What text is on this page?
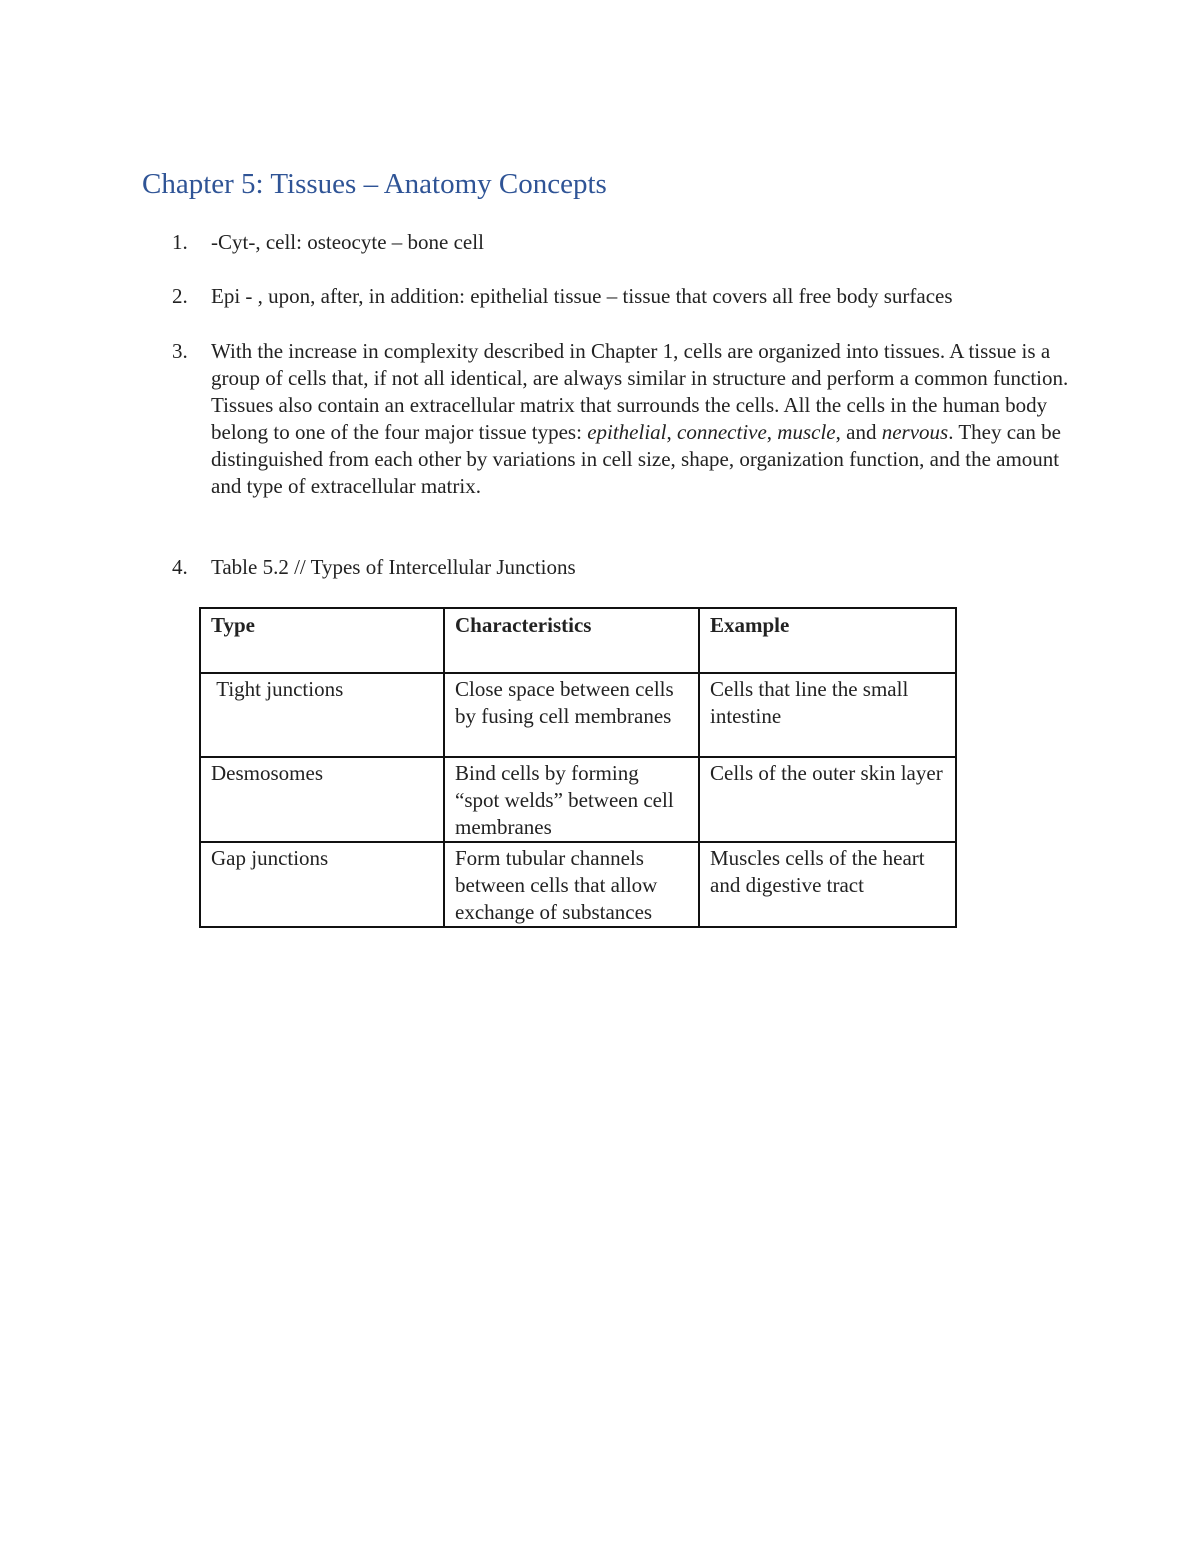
Chapter 5: Tissues – Anatomy Concepts
1.	-Cyt-, cell: osteocyte – bone cell
2.	Epi - , upon, after, in addition: epithelial tissue – tissue that covers all free body surfaces
3.	With the increase in complexity described in Chapter 1, cells are organized into tissues. A tissue is a group of cells that, if not all identical, are always similar in structure and perform a common function. Tissues also contain an extracellular matrix that surrounds the cells. All the cells in the human body belong to one of the four major tissue types: epithelial, connective, muscle, and nervous. They can be distinguished from each other by variations in cell size, shape, organization function, and the amount and type of extracellular matrix.
4.	Table 5.2 // Types of Intercellular Junctions
Type	Characteristics	Example
Tight junctions	Close space between cells by fusing cell membranes	Cells that line the small intestine
Desmosomes	Bind cells by forming “spot welds” between cell membranes	Cells of the outer skin layer
Gap junctions	Form tubular channels between cells that allow exchange of substances	Muscles cells of the heart and digestive tract
